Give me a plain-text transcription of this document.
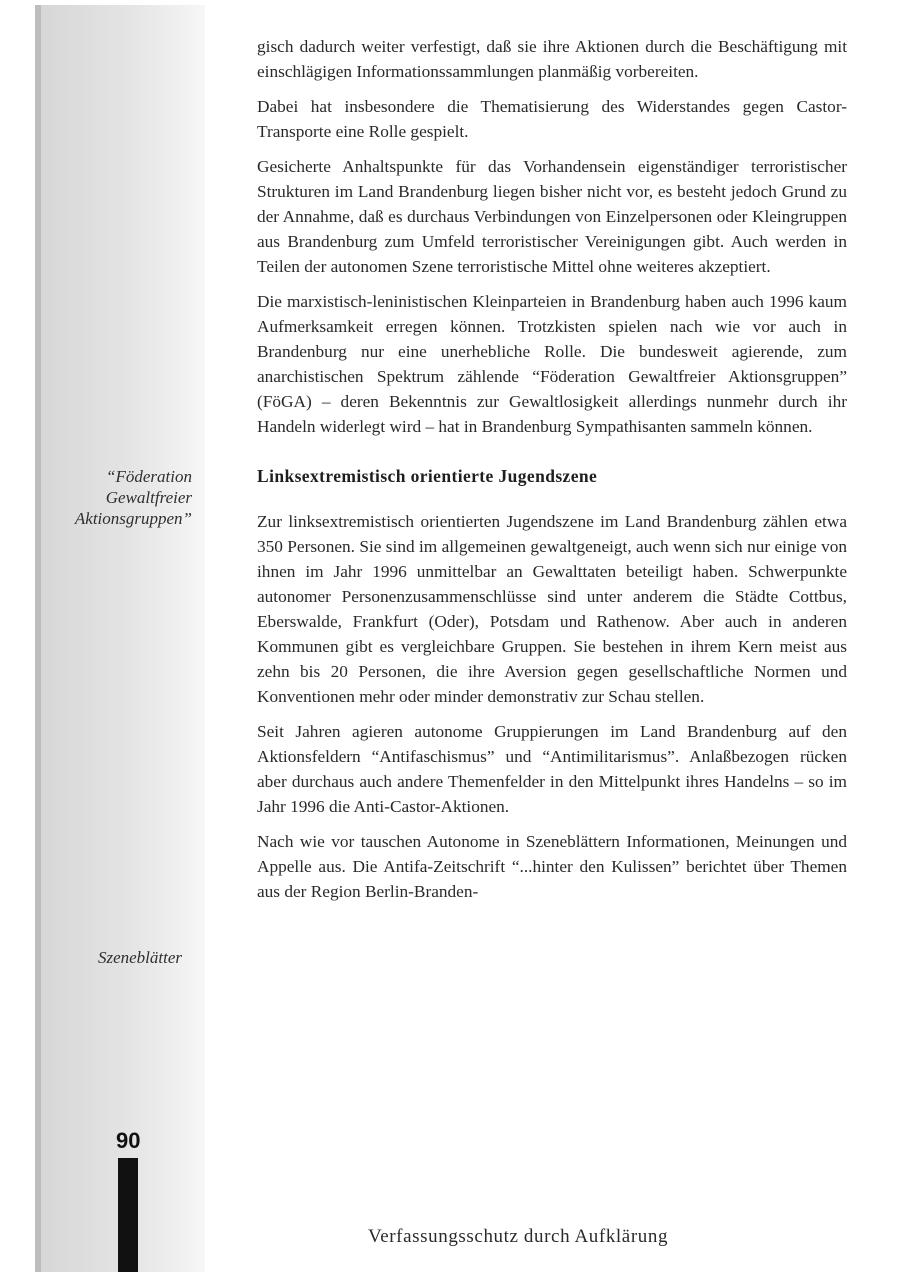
“Föderation Gewaltfreier Aktionsgruppen”
Szeneblätter
90

gisch dadurch weiter verfestigt, daß sie ihre Aktionen durch die Beschäftigung mit einschlägigen Informationssammlungen planmäßig vorbereiten.

Dabei hat insbesondere die Thematisierung des Widerstandes gegen Castor-Transporte eine Rolle gespielt.

Gesicherte Anhaltspunkte für das Vorhandensein eigenständiger terroristischer Strukturen im Land Brandenburg liegen bisher nicht vor, es besteht jedoch Grund zu der Annahme, daß es durchaus Verbindungen von Einzelpersonen oder Kleingruppen aus Brandenburg zum Umfeld terroristischer Vereinigungen gibt. Auch werden in Teilen der autonomen Szene terroristische Mittel ohne weiteres akzeptiert.

Die marxistisch-leninistischen Kleinparteien in Brandenburg haben auch 1996 kaum Aufmerksamkeit erregen können. Trotzkisten spielen nach wie vor auch in Brandenburg nur eine unerhebliche Rolle. Die bundesweit agierende, zum anarchistischen Spektrum zählende “Föderation Gewaltfreier Aktionsgruppen” (FöGA) – deren Bekenntnis zur Gewaltlosigkeit allerdings nunmehr durch ihr Handeln widerlegt wird – hat in Brandenburg Sympathisanten sammeln können.

Linksextremistisch orientierte Jugendszene

Zur linksextremistisch orientierten Jugendszene im Land Brandenburg zählen etwa 350 Personen. Sie sind im allgemeinen gewaltgeneigt, auch wenn sich nur einige von ihnen im Jahr 1996 unmittelbar an Gewalttaten beteiligt haben. Schwerpunkte autonomer Personenzusammenschlüsse sind unter anderem die Städte Cottbus, Eberswalde, Frankfurt (Oder), Potsdam und Rathenow. Aber auch in anderen Kommunen gibt es vergleichbare Gruppen. Sie bestehen in ihrem Kern meist aus zehn bis 20 Personen, die ihre Aversion gegen gesellschaftliche Normen und Konventionen mehr oder minder demonstrativ zur Schau stellen.

Seit Jahren agieren autonome Gruppierungen im Land Brandenburg auf den Aktionsfeldern “Antifaschismus” und “Antimilitarismus”. Anlaßbezogen rücken aber durchaus auch andere Themenfelder in den Mittelpunkt ihres Handelns – so im Jahr 1996 die Anti-Castor-Aktionen.

Nach wie vor tauschen Autonome in Szeneblättern Informationen, Meinungen und Appelle aus. Die Antifa-Zeitschrift “...hinter den Kulissen” berichtet über Themen aus der Region Berlin-Branden-

Verfassungsschutz durch Aufklärung
